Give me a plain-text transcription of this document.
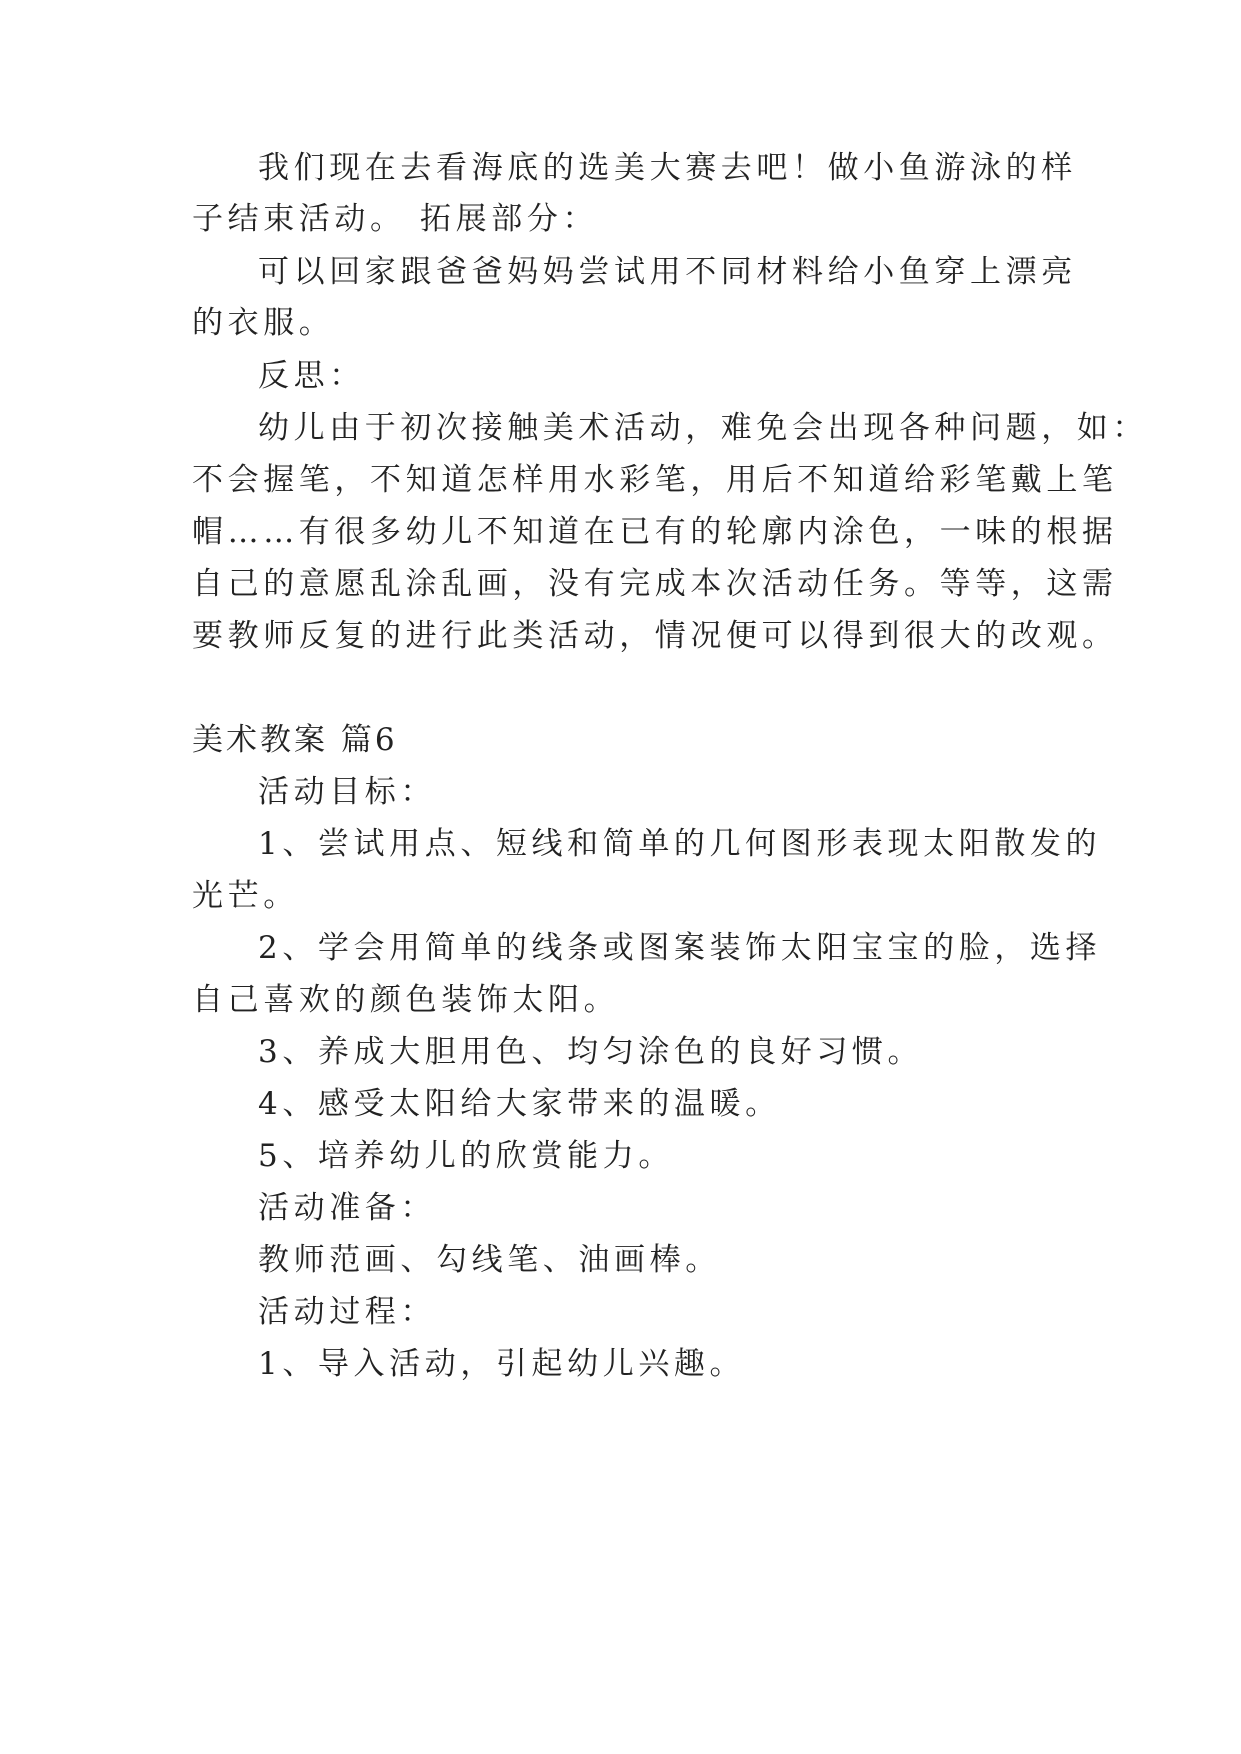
我们现在去看海底的选美大赛去吧！做小鱼游泳的样
子结束活动。 拓展部分：
可以回家跟爸爸妈妈尝试用不同材料给小鱼穿上漂亮
的衣服。
反思：
幼儿由于初次接触美术活动，难免会出现各种问题，如：
不会握笔，不知道怎样用水彩笔，用后不知道给彩笔戴上笔
帽……有很多幼儿不知道在已有的轮廓内涂色，一味的根据
自己的意愿乱涂乱画，没有完成本次活动任务。等等，这需
要教师反复的进行此类活动，情况便可以得到很大的改观。
美术教案 篇6
活动目标：
1、尝试用点、短线和简单的几何图形表现太阳散发的
光芒。
2、学会用简单的线条或图案装饰太阳宝宝的脸，选择
自己喜欢的颜色装饰太阳。
3、养成大胆用色、均匀涂色的良好习惯。
4、感受太阳给大家带来的温暖。
5、培养幼儿的欣赏能力。
活动准备：
教师范画、勾线笔、油画棒。
活动过程：
1、导入活动，引起幼儿兴趣。
